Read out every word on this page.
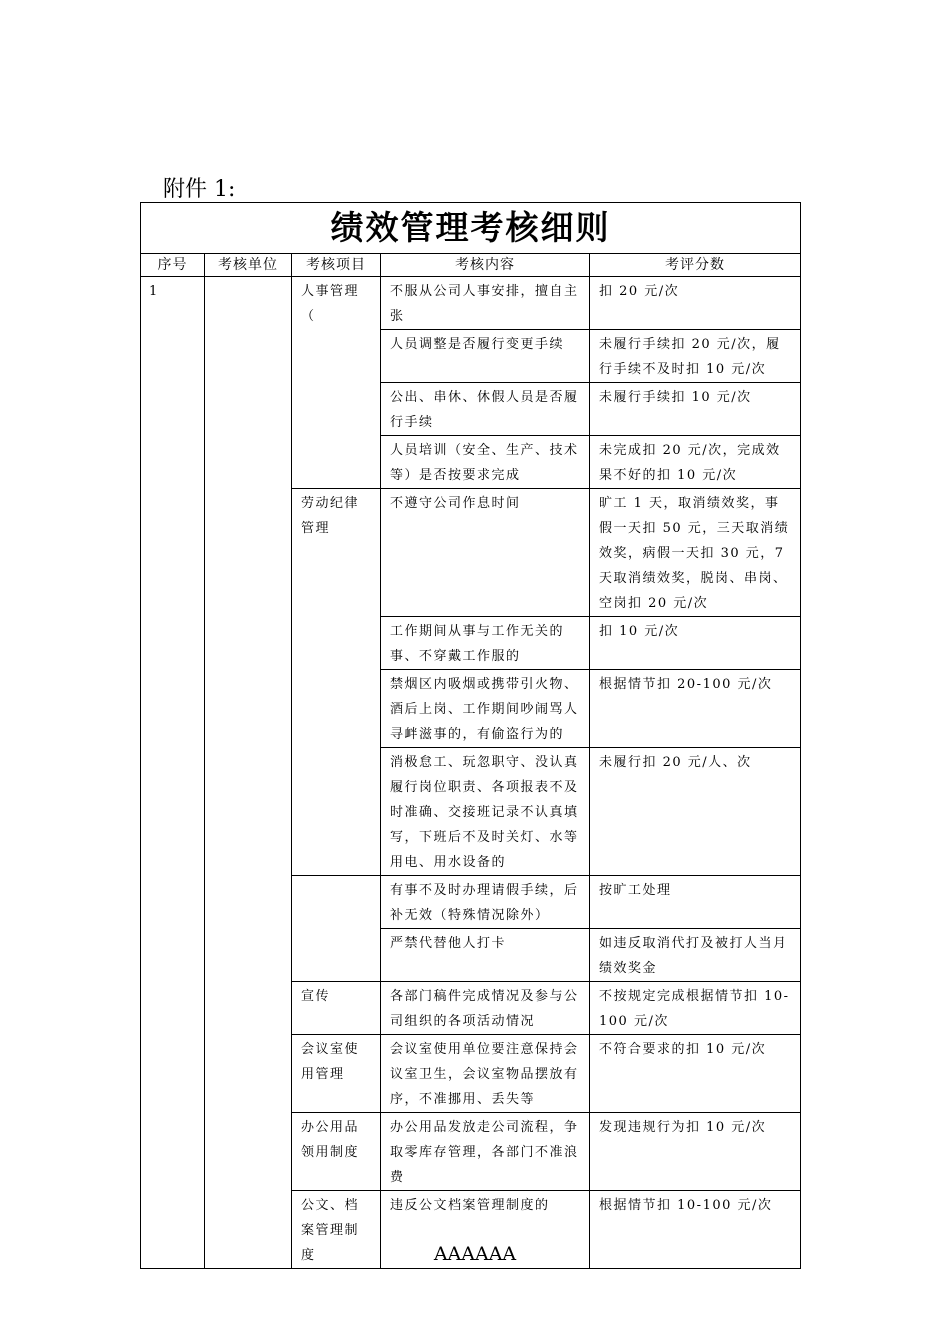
附件 1:
绩效管理考核细则				
序号	考核单位	考核项目	考核内容	考评分数
1		人事管理（	不服从公司人事安排，擅自主张	扣 20 元/次
			人员调整是否履行变更手续	未履行手续扣 20 元/次，履行手续不及时扣 10 元/次
			公出、串休、休假人员是否履行手续	未履行手续扣 10 元/次
			人员培训（安全、生产、技术等）是否按要求完成	未完成扣 20 元/次，完成效果不好的扣 10 元/次
		劳动纪律管理	不遵守公司作息时间	旷工 1 天，取消绩效奖，事假一天扣 50 元，三天取消绩效奖，病假一天扣 30 元，7 天取消绩效奖，脱岗、串岗、空岗扣 20 元/次
			工作期间从事与工作无关的事、不穿戴工作服的	扣 10 元/次
			禁烟区内吸烟或携带引火物、酒后上岗、工作期间吵闹骂人寻衅滋事的，有偷盗行为的	根据情节扣 20-100 元/次
			消极怠工、玩忽职守、没认真履行岗位职责、各项报表不及时准确、交接班记录不认真填写，下班后不及时关灯、水等用电、用水设备的	未履行扣 20 元/人、次
			有事不及时办理请假手续，后补无效（特殊情况除外）	按旷工处理
			严禁代替他人打卡	如违反取消代打及被打人当月绩效奖金
		宣传	各部门稿件完成情况及参与公司组织的各项活动情况	不按规定完成根据情节扣 10-100 元/次
		会议室使用管理	会议室使用单位要注意保持会议室卫生，会议室物品摆放有序，不准挪用、丢失等	不符合要求的扣 10 元/次
		办公用品领用制度	办公用品发放走公司流程，争取零库存管理，各部门不准浪费	发现违规行为扣 10 元/次
		公文、档案管理制度	违反公文档案管理制度的	根据情节扣 10-100 元/次
AAAAAA
